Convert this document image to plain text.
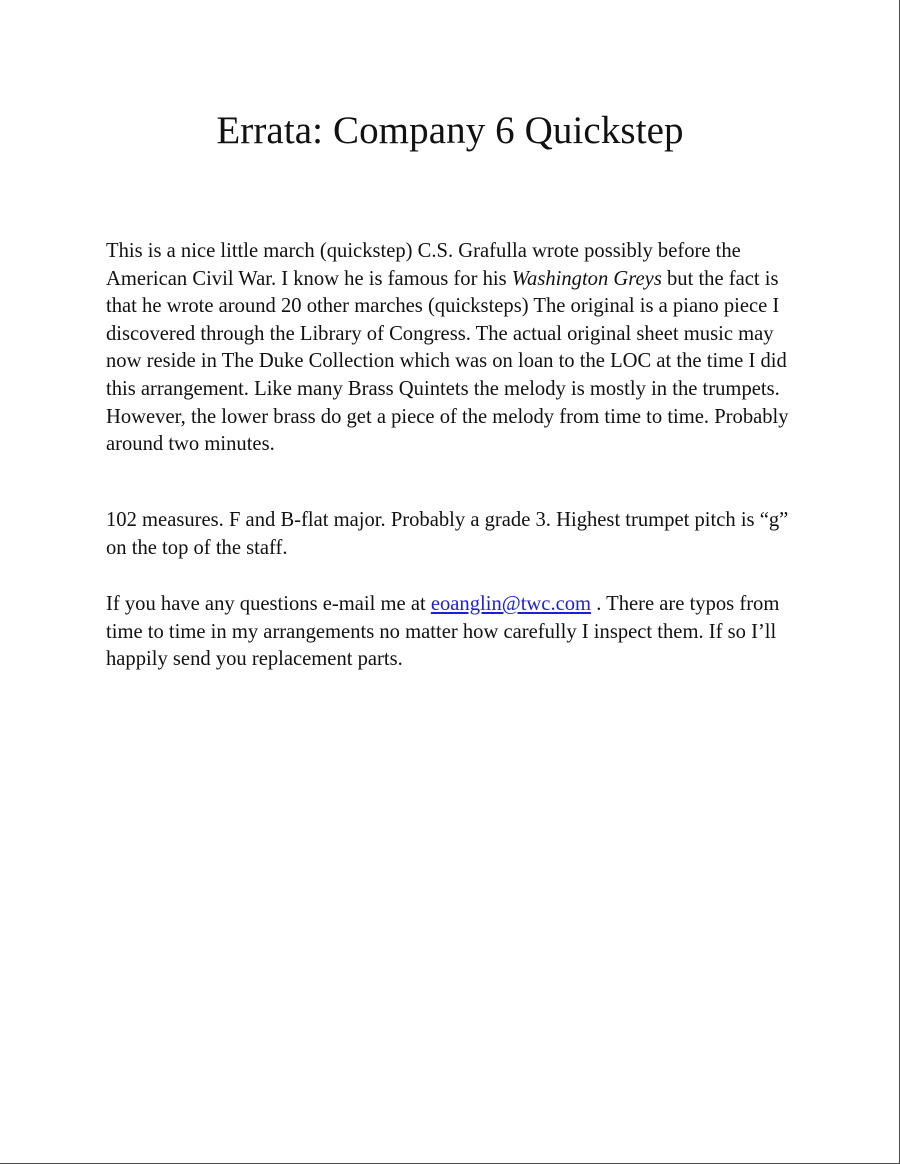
Errata: Company 6 Quickstep

This is a nice little march (quickstep) C.S. Grafulla wrote possibly before the American Civil War. I know he is famous for his Washington Greys but the fact is that he wrote around 20 other marches (quicksteps) The original is a piano piece I discovered through the Library of Congress. The actual original sheet music may now reside in The Duke Collection which was on loan to the LOC at the time I did this arrangement. Like many Brass Quintets the melody is mostly in the trumpets. However, the lower brass do get a piece of the melody from time to time. Probably around two minutes.

102 measures. F and B-flat major. Probably a grade 3. Highest trumpet pitch is “g” on the top of the staff.

If you have any questions e-mail me at eoanglin@twc.com . There are typos from time to time in my arrangements no matter how carefully I inspect them. If so I’ll happily send you replacement parts.
